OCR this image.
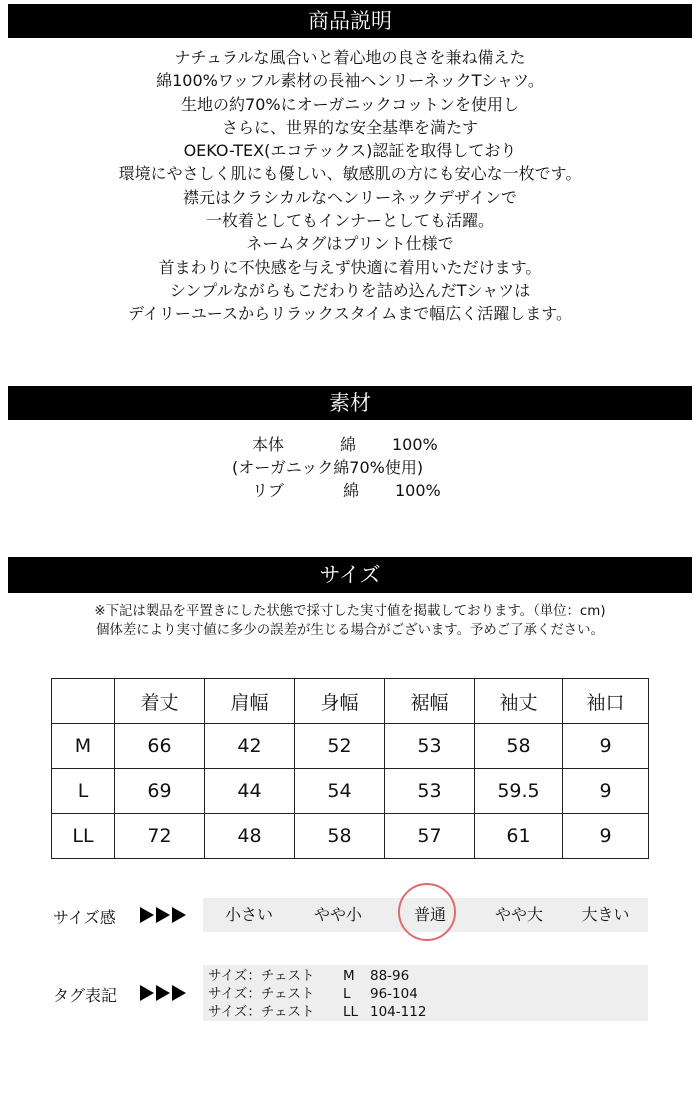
商品説明
ナチュラルな風合いと着心地の良さを兼ね備えた
綿100%ワッフル素材の長袖ヘンリーネックTシャツ。
生地の約70%にオーガニックコットンを使用し
さらに、世界的な安全基準を満たす
OEKO-TEX(エコテックス)認証を取得しており
環境にやさしく肌にも優しい、敏感肌の方にも安心な一枚です。
襟元はクラシカルなヘンリーネックデザインで
一枚着としてもインナーとしても活躍。
ネームタグはプリント仕様で
首まわりに不快感を与えず快適に着用いただけます。
シンプルながらもこだわりを詰め込んだTシャツは
デイリーユースからリラックスタイムまで幅広く活躍します。
素材
本体	綿 100%
(オーガニック綿70%使用)
リブ	綿 100%
サイズ
※下記は製品を平置きにした状態で採寸した実寸値を掲載しております。（単位：cm)
個体差により実寸値に多少の誤差が生じる場合がございます。予めご了承ください。
	着丈	肩幅	身幅	裾幅	袖丈	袖口
M	66	42	52	53	58	9
L	69	44	54	53	59.5	9
LL	72	48	58	57	61	9
サイズ感	小さい	やや小	普通	やや大	大きい
タグ表記
サイズ：チェスト M 88-96
サイズ：チェスト L 96-104
サイズ：チェスト LL 104-112
